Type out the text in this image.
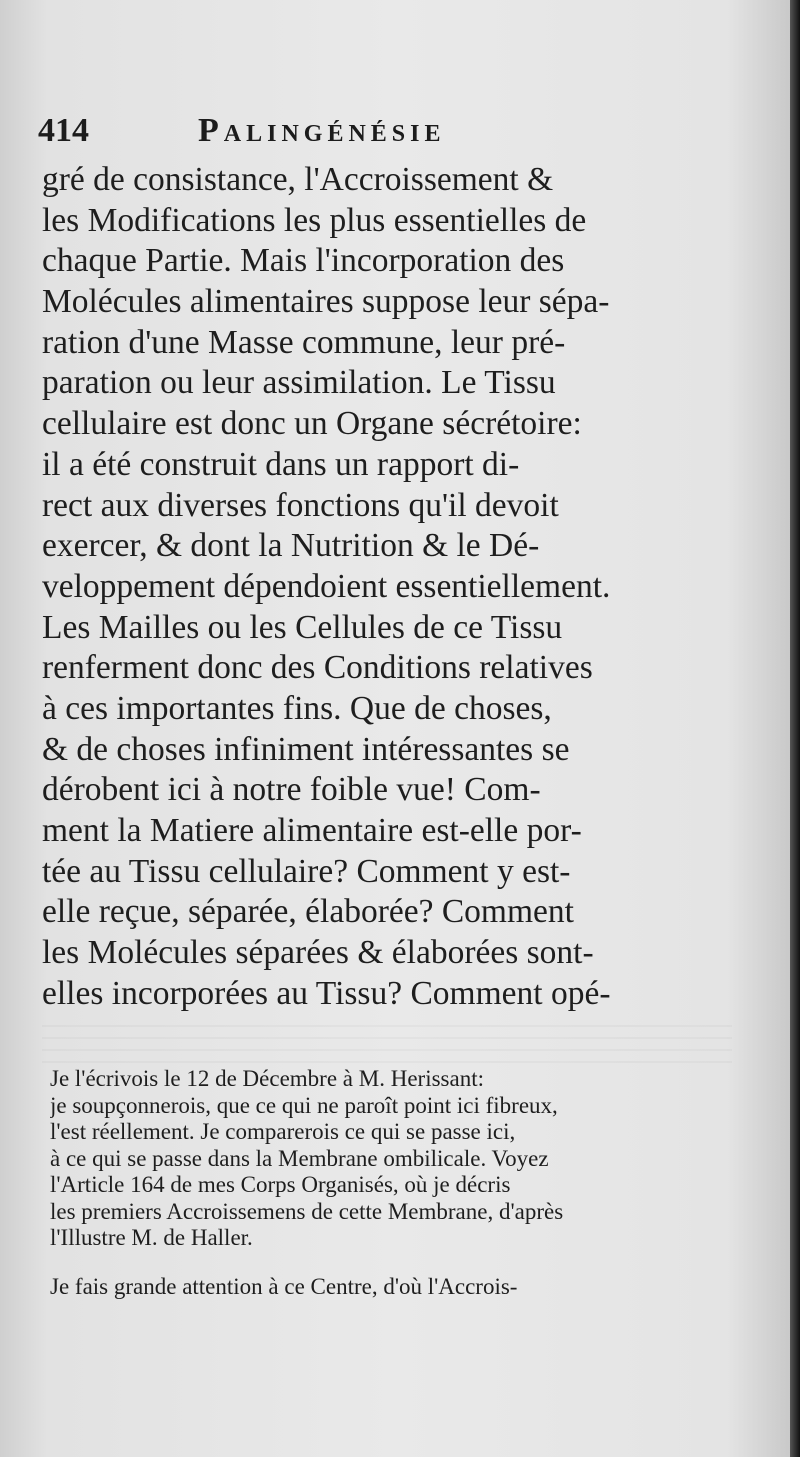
414	Palingénésie
gré de consistance, l'Accroissement &
les Modifications les plus essentielles de
chaque Partie. Mais l'incorporation des
Molécules alimentaires suppose leur sépa-
ration d'une Masse commune, leur pré-
paration ou leur assimilation. Le Tissu
cellulaire est donc un Organe sécrétoire:
il a été construit dans un rapport di-
rect aux diverses fonctions qu'il devoit
exercer, & dont la Nutrition & le Dé-
veloppement dépendoient essentiellement.
Les Mailles ou les Cellules de ce Tissu
renferment donc des Conditions relatives
à ces importantes fins. Que de choses,
& de choses infiniment intéressantes se
dérobent ici à notre foible vue! Com-
ment la Matiere alimentaire est-elle por-
tée au Tissu cellulaire? Comment y est-
elle reçue, séparée, élaborée? Comment
les Molécules séparées & élaborées sont-
elles incorporées au Tissu? Comment opé-
Je l'écrivois le 12 de Décembre à M. Herissant:
je soupçonnerois, que ce qui ne paroît point ici fibreux,
l'est réellement. Je comparerois ce qui se passe ici,
à ce qui se passe dans la Membrane ombilicale. Voyez
l'Article 164 de mes Corps Organisés, où je décris
les premiers Accroissemens de cette Membrane, d'après
l'Illustre M. de Haller.
Je fais grande attention à ce Centre, d'où l'Accrois-
